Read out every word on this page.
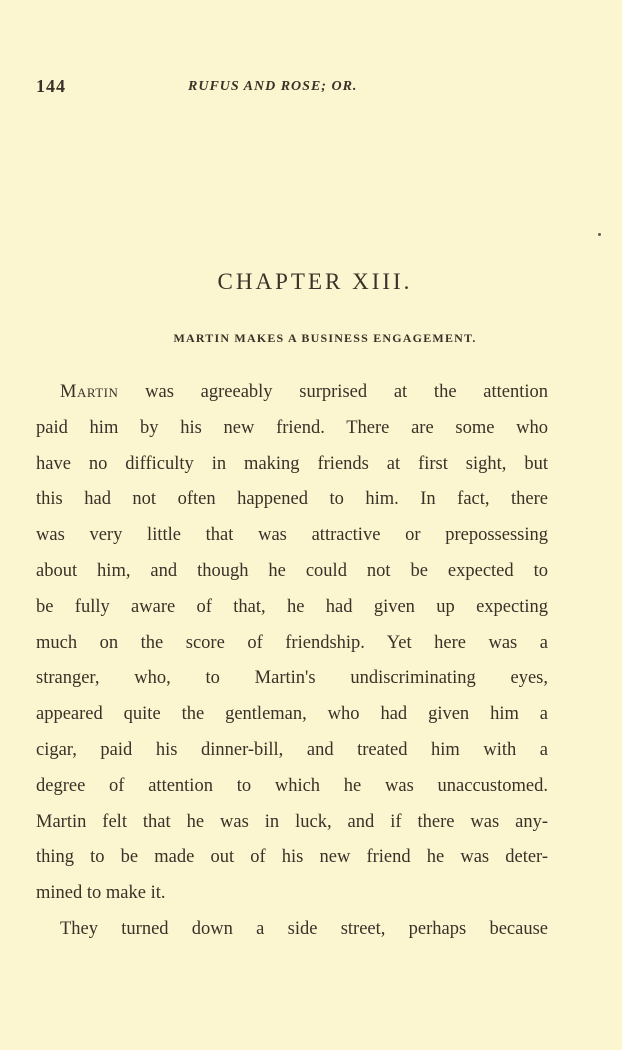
144	RUFUS AND ROSE; OR.
CHAPTER XIII.
MARTIN MAKES A BUSINESS ENGAGEMENT.
Martin was agreeably surprised at the attention
paid him by his new friend. There are some who
have no difficulty in making friends at first sight, but
this had not often happened to him. In fact, there
was very little that was attractive or prepossessing
about him, and though he could not be expected to
be fully aware of that, he had given up expecting
much on the score of friendship. Yet here was a
stranger, who, to Martin's undiscriminating eyes,
appeared quite the gentleman, who had given him a
cigar, paid his dinner-bill, and treated him with a
degree of attention to which he was unaccustomed.
Martin felt that he was in luck, and if there was any-
thing to be made out of his new friend he was deter-
mined to make it.
They turned down a side street, perhaps because
